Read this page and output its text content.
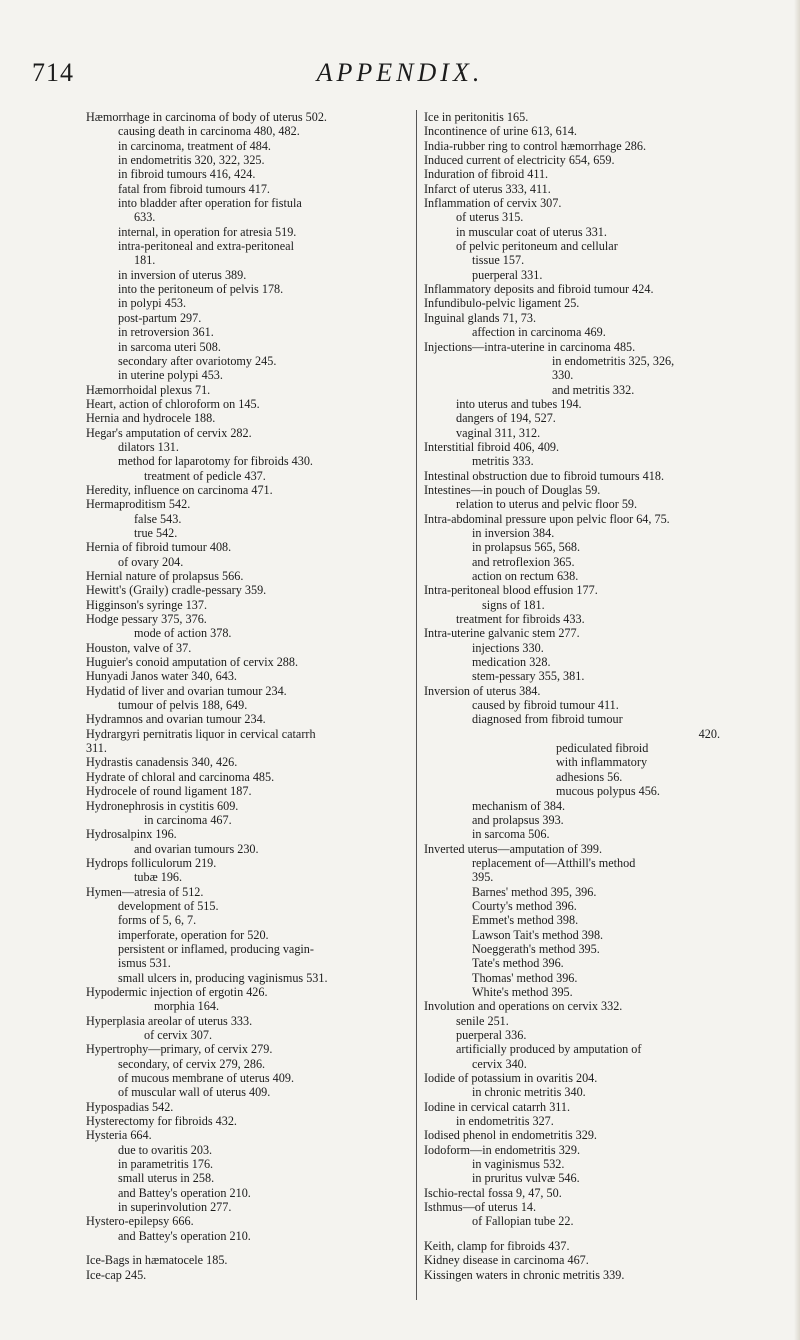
714	APPENDIX.
Hæmorrhage in carcinoma of body of uterus 502.
causing death in carcinoma 480, 482.
in carcinoma, treatment of 484.
in endometritis 320, 322, 325.
in fibroid tumours 416, 424.
fatal from fibroid tumours 417.
into bladder after operation for fistula
633.
internal, in operation for atresia 519.
intra-peritoneal and extra-peritoneal
181.
in inversion of uterus 389.
into the peritoneum of pelvis 178.
in polypi 453.
post-partum 297.
in retroversion 361.
in sarcoma uteri 508.
secondary after ovariotomy 245.
in uterine polypi 453.
Hæmorrhoidal plexus 71.
Heart, action of chloroform on 145.
Hernia and hydrocele 188.
Hegar's amputation of cervix 282.
dilators 131.
method for laparotomy for fibroids 430.
treatment of pedicle 437.
Heredity, influence on carcinoma 471.
Hermaproditism 542.
false 543.
true 542.
Hernia of fibroid tumour 408.
of ovary 204.
Hernial nature of prolapsus 566.
Hewitt's (Graily) cradle-pessary 359.
Higginson's syringe 137.
Hodge pessary 375, 376.
mode of action 378.
Houston, valve of 37.
Huguier's conoid amputation of cervix 288.
Hunyadi Janos water 340, 643.
Hydatid of liver and ovarian tumour 234.
tumour of pelvis 188, 649.
Hydramnos and ovarian tumour 234.
Hydrargyri pernitratis liquor in cervical catarrh
311.
Hydrastis canadensis 340, 426.
Hydrate of chloral and carcinoma 485.
Hydrocele of round ligament 187.
Hydronephrosis in cystitis 609.
in carcinoma 467.
Hydrosalpinx 196.
and ovarian tumours 230.
Hydrops folliculorum 219.
tubæ 196.
Hymen—atresia of 512.
development of 515.
forms of 5, 6, 7.
imperforate, operation for 520.
persistent or inflamed, producing vagin-
ismus 531.
small ulcers in, producing vaginismus 531.
Hypodermic injection of ergotin 426.
morphia 164.
Hyperplasia areolar of uterus 333.
of cervix 307.
Hypertrophy—primary, of cervix 279.
secondary, of cervix 279, 286.
of mucous membrane of uterus 409.
of muscular wall of uterus 409.
Hypospadias 542.
Hysterectomy for fibroids 432.
Hysteria 664.
due to ovaritis 203.
in parametritis 176.
small uterus in 258.
and Battey's operation 210.
in superinvolution 277.
Hystero-epilepsy 666.
and Battey's operation 210.
Ice-Bags in hæmatocele 185.
Ice-cap 245.
Ice in peritonitis 165.
Incontinence of urine 613, 614.
India-rubber ring to control hæmorrhage 286.
Induced current of electricity 654, 659.
Induration of fibroid 411.
Infarct of uterus 333, 411.
Inflammation of cervix 307.
of uterus 315.
in muscular coat of uterus 331.
of pelvic peritoneum and cellular
tissue 157.
puerperal 331.
Inflammatory deposits and fibroid tumour 424.
Infundibulo-pelvic ligament 25.
Inguinal glands 71, 73.
affection in carcinoma 469.
Injections—intra-uterine in carcinoma 485.
in endometritis 325, 326,
330.
and metritis 332.
into uterus and tubes 194.
dangers of 194, 527.
vaginal 311, 312.
Interstitial fibroid 406, 409.
metritis 333.
Intestinal obstruction due to fibroid tumours 418.
Intestines—in pouch of Douglas 59.
relation to uterus and pelvic floor 59.
Intra-abdominal pressure upon pelvic floor 64, 75.
in inversion 384.
in prolapsus 565, 568.
and retroflexion 365.
action on rectum 638.
Intra-peritoneal blood effusion 177.
signs of 181.
treatment for fibroids 433.
Intra-uterine galvanic stem 277.
injections 330.
medication 328.
stem-pessary 355, 381.
Inversion of uterus 384.
caused by fibroid tumour 411.
diagnosed from fibroid tumour
420.
pediculated fibroid
with inflammatory
adhesions 56.
mucous polypus 456.
mechanism of 384.
and prolapsus 393.
in sarcoma 506.
Inverted uterus—amputation of 399.
replacement of—Atthill's method
395.
Barnes' method 395, 396.
Courty's method 396.
Emmet's method 398.
Lawson Tait's method 398.
Noeggerath's method 395.
Tate's method 396.
Thomas' method 396.
White's method 395.
Involution and operations on cervix 332.
senile 251.
puerperal 336.
artificially produced by amputation of
cervix 340.
Iodide of potassium in ovaritis 204.
in chronic metritis 340.
Iodine in cervical catarrh 311.
in endometritis 327.
Iodised phenol in endometritis 329.
Iodoform—in endometritis 329.
in vaginismus 532.
in pruritus vulvæ 546.
Ischio-rectal fossa 9, 47, 50.
Isthmus—of uterus 14.
of Fallopian tube 22.
Keith, clamp for fibroids 437.
Kidney disease in carcinoma 467.
Kissingen waters in chronic metritis 339.
